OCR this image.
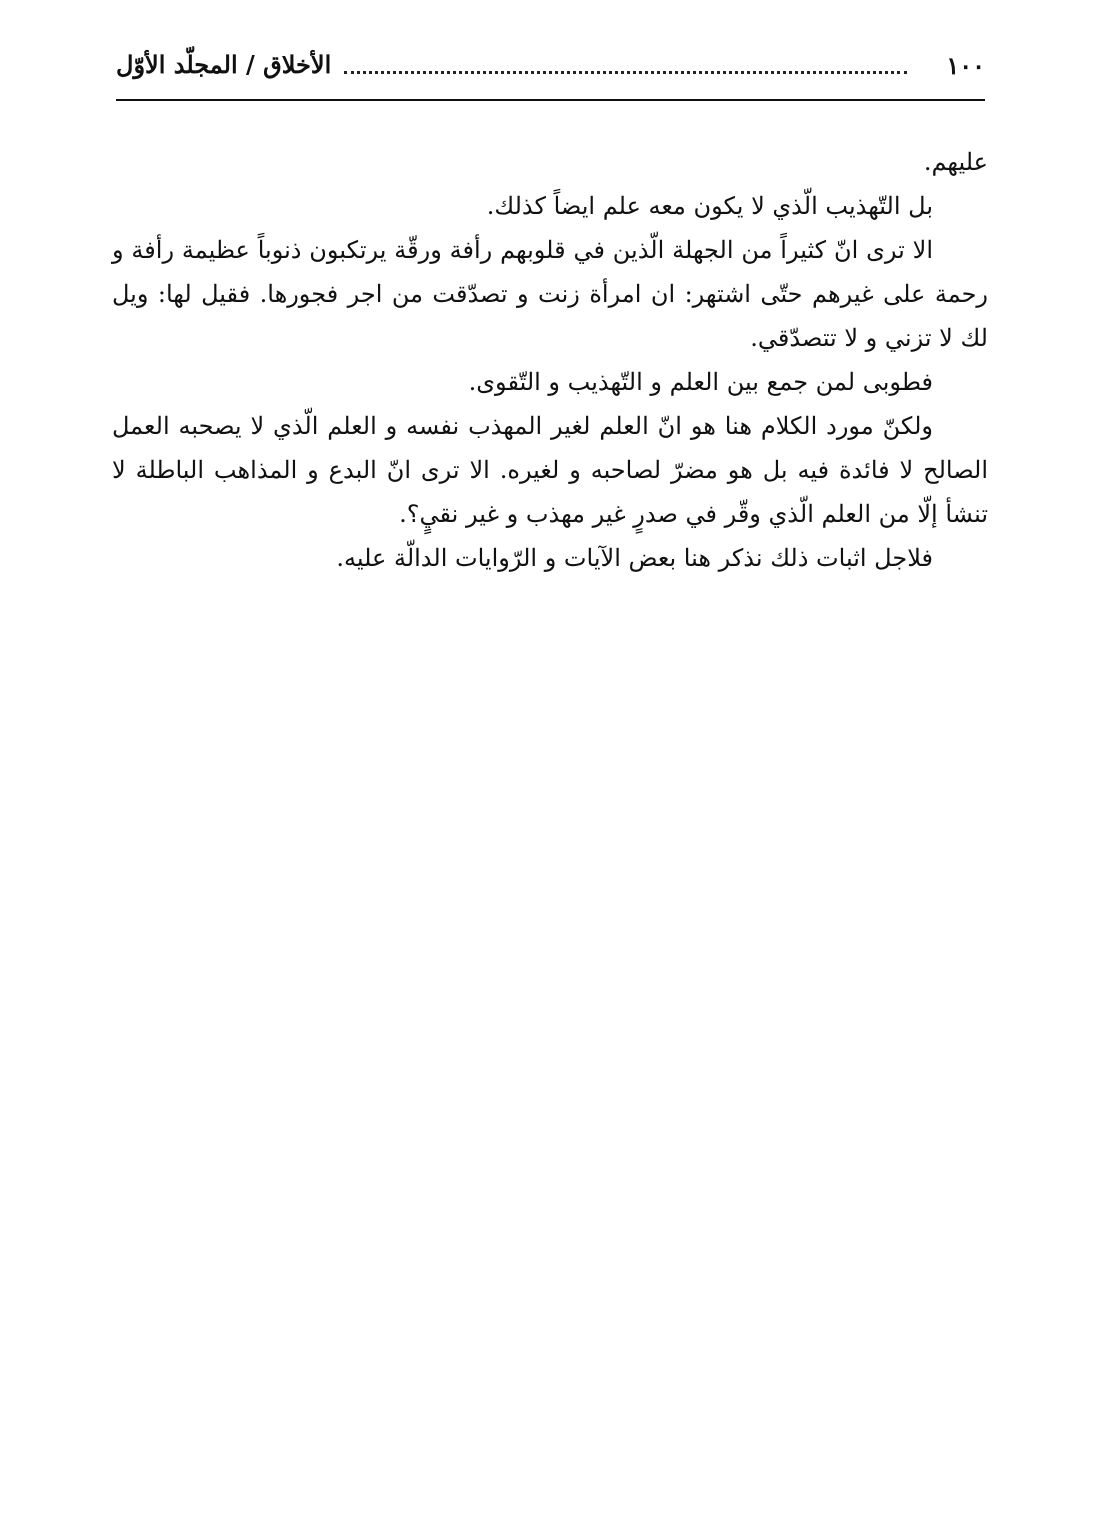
١٠٠
الأخلاق / المجلّد الأوّل

عليهم.

بل التّهذيب الّذي لا يكون معه علم ايضاً كذلك.

الا ترى انّ كثيراً من الجهلة الّذين في قلوبهم رأفة ورقّة يرتكبون ذنوباً عظيمة رأفة و رحمة على غيرهم حتّى اشتهر: ان امرأة زنت و تصدّقت من اجر فجورها. فقيل لها: ويل لك لا تزني و لا تتصدّقي.

فطوبى لمن جمع بين العلم و التّهذيب و التّقوى.

ولكنّ مورد الكلام هنا هو انّ العلم لغير المهذب نفسه و العلم الّذي لا يصحبه العمل الصالح لا فائدة فيه بل هو مضرّ لصاحبه و لغيره. الا ترى انّ البدع و المذاهب الباطلة لا تنشأ إلّا من العلم الّذي وقّر في صدرٍ غير مهذب و غير نقيٍ؟.

فلاجل اثبات ذلك نذكر هنا بعض الآيات و الرّوايات الدالّة عليه.
